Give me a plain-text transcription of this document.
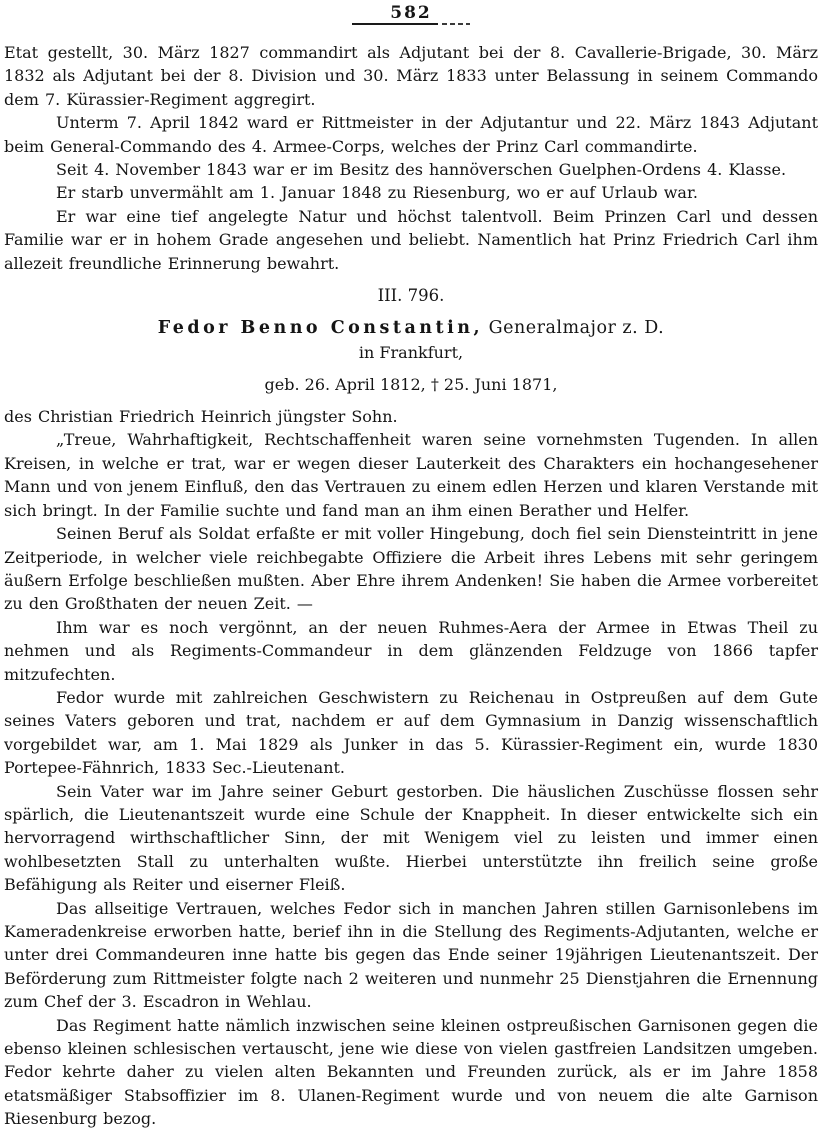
582

Etat gestellt, 30. März 1827 commandirt als Adjutant bei der 8. Cavallerie-Brigade, 30. März 1832 als Adjutant bei der 8. Division und 30. März 1833 unter Belassung in seinem Commando dem 7. Kürassier-Regiment aggregirt.

Unterm 7. April 1842 ward er Rittmeister in der Adjutantur und 22. März 1843 Adjutant beim General-Commando des 4. Armee-Corps, welches der Prinz Carl commandirte.

Seit 4. November 1843 war er im Besitz des hannöverschen Guelphen-Ordens 4. Klasse.

Er starb unvermählt am 1. Januar 1848 zu Riesenburg, wo er auf Urlaub war.

Er war eine tief angelegte Natur und höchst talentvoll. Beim Prinzen Carl und dessen Familie war er in hohem Grade angesehen und beliebt. Namentlich hat Prinz Friedrich Carl ihm allezeit freundliche Erinnerung bewahrt.

III. 796.
Fedor Benno Constantin, Generalmajor z. D.
in Frankfurt,
geb. 26. April 1812, † 25. Juni 1871,

des Christian Friedrich Heinrich jüngster Sohn.

„Treue, Wahrhaftigkeit, Rechtschaffenheit waren seine vornehmsten Tugenden. In allen Kreisen, in welche er trat, war er wegen dieser Lauterkeit des Charakters ein hochangesehener Mann und von jenem Einfluß, den das Vertrauen zu einem edlen Herzen und klaren Verstande mit sich bringt. In der Familie suchte und fand man an ihm einen Berather und Helfer.

Seinen Beruf als Soldat erfaßte er mit voller Hingebung, doch fiel sein Diensteintritt in jene Zeitperiode, in welcher viele reichbegabte Offiziere die Arbeit ihres Lebens mit sehr geringem äußern Erfolge beschließen mußten. Aber Ehre ihrem Andenken! Sie haben die Armee vorbereitet zu den Großthaten der neuen Zeit. —

Ihm war es noch vergönnt, an der neuen Ruhmes-Aera der Armee in Etwas Theil zu nehmen und als Regiments-Commandeur in dem glänzenden Feldzuge von 1866 tapfer mitzufechten.

Fedor wurde mit zahlreichen Geschwistern zu Reichenau in Ostpreußen auf dem Gute seines Vaters geboren und trat, nachdem er auf dem Gymnasium in Danzig wissenschaftlich vorgebildet war, am 1. Mai 1829 als Junker in das 5. Kürassier-Regiment ein, wurde 1830 Portepee-Fähnrich, 1833 Sec.-Lieutenant.

Sein Vater war im Jahre seiner Geburt gestorben. Die häuslichen Zuschüsse flossen sehr spärlich, die Lieutenantszeit wurde eine Schule der Knappheit. In dieser entwickelte sich ein hervorragend wirthschaftlicher Sinn, der mit Wenigem viel zu leisten und immer einen wohlbesetzten Stall zu unterhalten wußte. Hierbei unterstützte ihn freilich seine große Befähigung als Reiter und eiserner Fleiß.

Das allseitige Vertrauen, welches Fedor sich in manchen Jahren stillen Garnisonlebens im Kameradenkreise erworben hatte, berief ihn in die Stellung des Regiments-Adjutanten, welche er unter drei Commandeuren inne hatte bis gegen das Ende seiner 19jährigen Lieutenantszeit. Der Beförderung zum Rittmeister folgte nach 2 weiteren und nunmehr 25 Dienstjahren die Ernennung zum Chef der 3. Escadron in Wehlau.

Das Regiment hatte nämlich inzwischen seine kleinen ostpreußischen Garnisonen gegen die ebenso kleinen schlesischen vertauscht, jene wie diese von vielen gastfreien Landsitzen umgeben. Fedor kehrte daher zu vielen alten Bekannten und Freunden zurück, als er im Jahre 1858 etatsmäßiger Stabsoffizier im 8. Ulanen-Regiment wurde und von neuem die alte Garnison Riesenburg bezog.
